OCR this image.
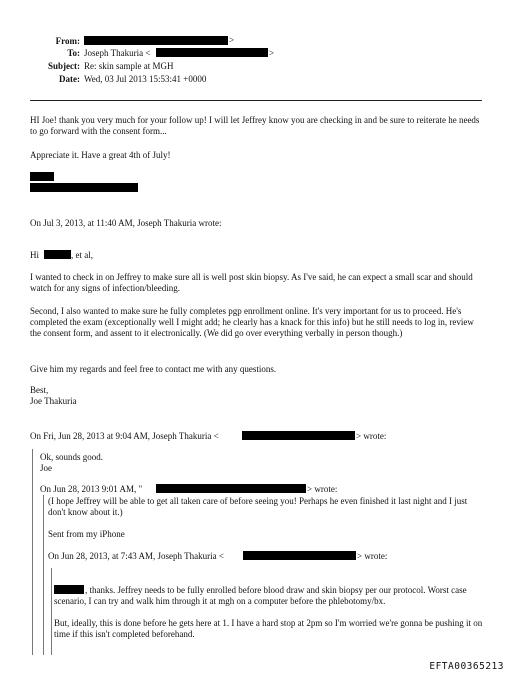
From:	>
To: Joseph Thakuria <	>
Subject: Re: skin sample at MGH
Date: Wed, 03 Jul 2013 15:53:41 +0000
HI Joe! thank you very much for your follow up! I will let Jeffrey know you are checking in and be sure to reiterate he needs to go forward with the consent form...
Appreciate it. Have a great 4th of July!
On Jul 3, 2013, at 11:40 AM, Joseph Thakuria wrote:
Hi	, et al,
I wanted to check in on Jeffrey to make sure all is well post skin biopsy. As I've said, he can expect a small scar and should watch for any signs of infection/bleeding.
Second, I also wanted to make sure he fully completes pgp enrollment online. It's very important for us to proceed. He's completed the exam (exceptionally well I might add; he clearly has a knack for this info) but he still needs to log in, review the consent form, and assent to it electronically. (We did go over everything verbally in person though.)
Give him my regards and feel free to contact me with any questions.
Best,
Joe Thakuria
On Fri, Jun 28, 2013 at 9:04 AM, Joseph Thakuria <	> wrote:
Ok, sounds good.
Joe
On Jun 28, 2013 9:01 AM, "	> wrote:
(I hope Jeffrey will be able to get all taken care of before seeing you! Perhaps he even finished it last night and I just don't know about it.)
Sent from my iPhone
On Jun 28, 2013, at 7:43 AM, Joseph Thakuria <	> wrote:
, thanks. Jeffrey needs to be fully enrolled before blood draw and skin biopsy per our protocol. Worst case scenario, I can try and walk him through it at mgh on a computer before the phlebotomy/bx.
But, ideally, this is done before he gets here at 1. I have a hard stop at 2pm so I'm worried we're gonna be pushing it on time if this isn't completed beforehand.
EFTA00365213
